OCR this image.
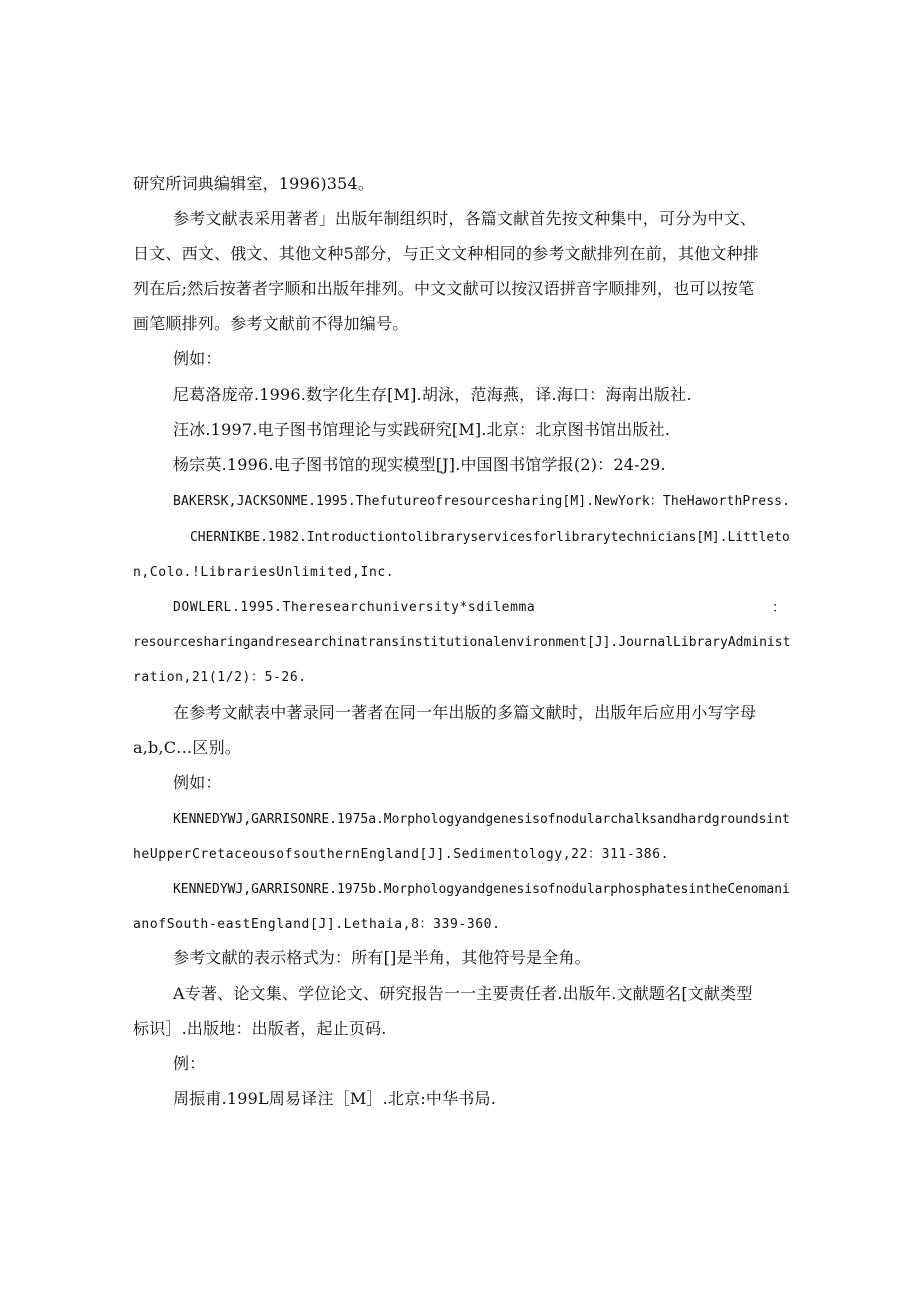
研究所词典编辑室，1996)354。
参考文献表采用著者」出版年制组织时，各篇文献首先按文种集中，可分为中文、
日文、西文、俄文、其他文种5部分，与正文文种相同的参考文献排列在前，其他文种排
列在后;然后按著者字顺和出版年排列。中文文献可以按汉语拼音字顺排列，也可以按笔
画笔顺排列。参考文献前不得加编号。
例如：
尼葛洛庞帝.1996.数字化生存[M].胡泳，范海燕，译.海口：海南出版社.
汪冰.1997.电子图书馆理论与实践研究[M].北京：北京图书馆出版社.
杨宗英.1996.电子图书馆的现实模型[J].中国图书馆学报(2)：24-29.
BAKERSK,JACKSONME.1995.Thefutureofresourcesharing[M].NewYork：TheHaworthPress.
CHERNIKBE.1982.Introductiontolibraryservicesforlibrarytechnicians[M].Littleto
n,Colo.!LibrariesUnlimited,Inc.
DOWLERL.1995.Theresearchuniversity*sdilemma	：
resourcesharingandresearchinatransinstitutionalenvironment[J].JournalLibraryAdminist
ration,21(1/2)：5-26.
在参考文献表中著录同一著者在同一年出版的多篇文献时，出版年后应用小写字母
a,b,C…区别。
例如：
KENNEDYWJ,GARRISONRE.1975a.Morphologyandgenesisofnodularchalksandhardgroundsint
heUpperCretaceousofsouthernEngland[J].Sedimentology,22：311-386.
KENNEDYWJ,GARRISONRE.1975b.MorphologyandgenesisofnodularphosphatesintheCenomani
anofSouth-eastEngland[J].Lethaia,8：339-360.
参考文献的表示格式为：所有[]是半角，其他符号是全角。
A专著、论文集、学位论文、研究报告一一主要责任者.出版年.文献题名[文献类型
标识］.出版地：出版者，起止页码.
例：
周振甫.199L周易译注［M］.北京:中华书局.
